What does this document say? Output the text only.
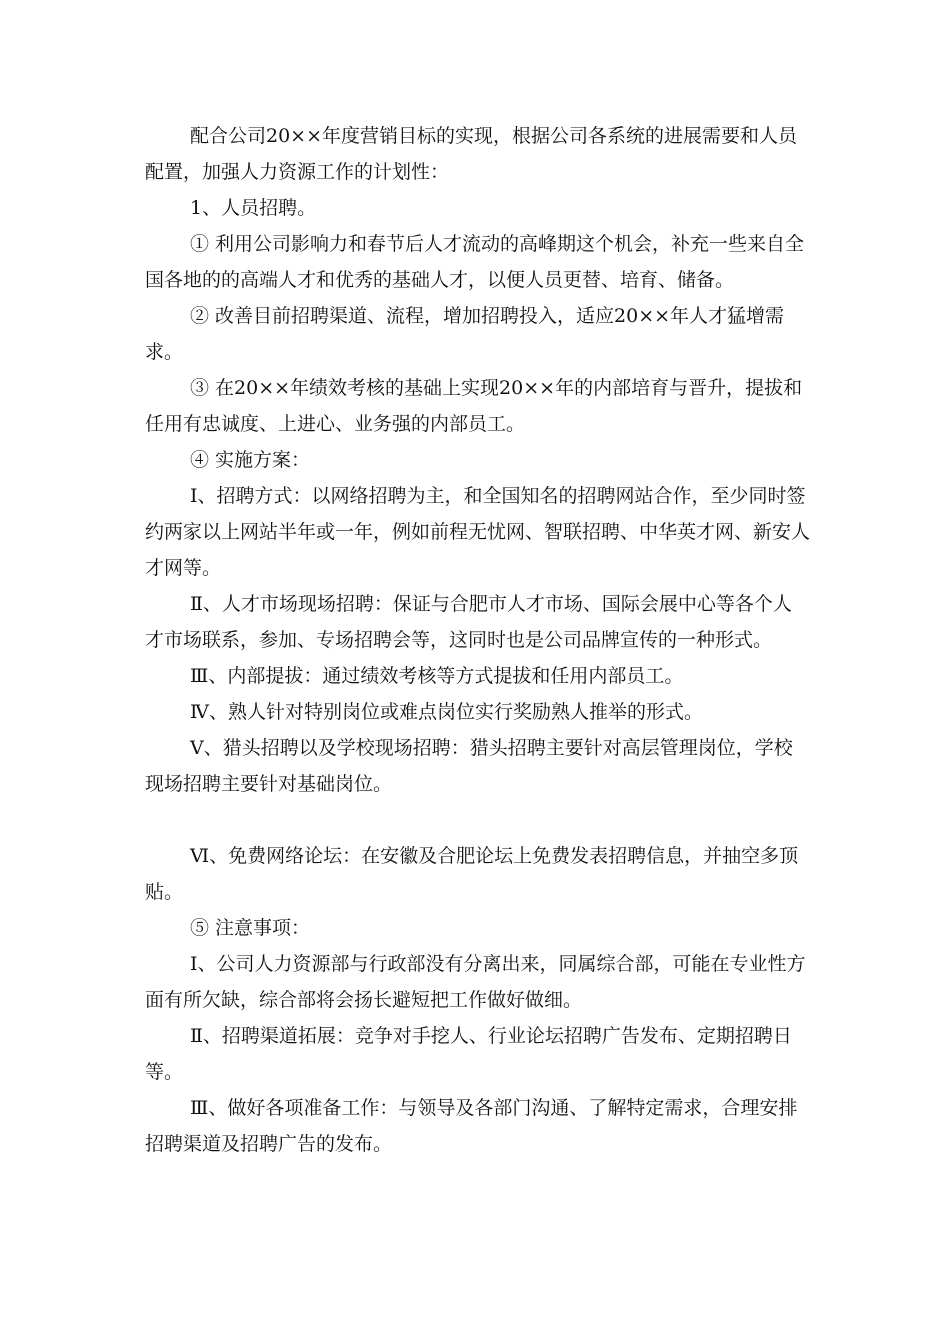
配合公司20××年度营销目标的实现，根据公司各系统的进展需要和人员配置，加强人力资源工作的计划性：

1、人员招聘。

① 利用公司影响力和春节后人才流动的高峰期这个机会，补充一些来自全国各地的的高端人才和优秀的基础人才，以便人员更替、培育、储备。

② 改善目前招聘渠道、流程，增加招聘投入，适应20××年人才猛增需求。

③ 在20××年绩效考核的基础上实现20××年的内部培育与晋升，提拔和任用有忠诚度、上进心、业务强的内部员工。

④ 实施方案：

Ⅰ、招聘方式：以网络招聘为主，和全国知名的招聘网站合作，至少同时签约两家以上网站半年或一年，例如前程无忧网、智联招聘、中华英才网、新安人才网等。

Ⅱ、人才市场现场招聘：保证与合肥市人才市场、国际会展中心等各个人才市场联系，参加、专场招聘会等，这同时也是公司品牌宣传的一种形式。

Ⅲ、内部提拔：通过绩效考核等方式提拔和任用内部员工。

Ⅳ、熟人针对特别岗位或难点岗位实行奖励熟人推举的形式。

Ⅴ、猎头招聘以及学校现场招聘：猎头招聘主要针对高层管理岗位，学校现场招聘主要针对基础岗位。

Ⅵ、免费网络论坛：在安徽及合肥论坛上免费发表招聘信息，并抽空多顶贴。

⑤ 注意事项：

Ⅰ、公司人力资源部与行政部没有分离出来，同属综合部，可能在专业性方面有所欠缺，综合部将会扬长避短把工作做好做细。

Ⅱ、招聘渠道拓展：竞争对手挖人、行业论坛招聘广告发布、定期招聘日等。

Ⅲ、做好各项准备工作：与领导及各部门沟通、了解特定需求，合理安排招聘渠道及招聘广告的发布。
